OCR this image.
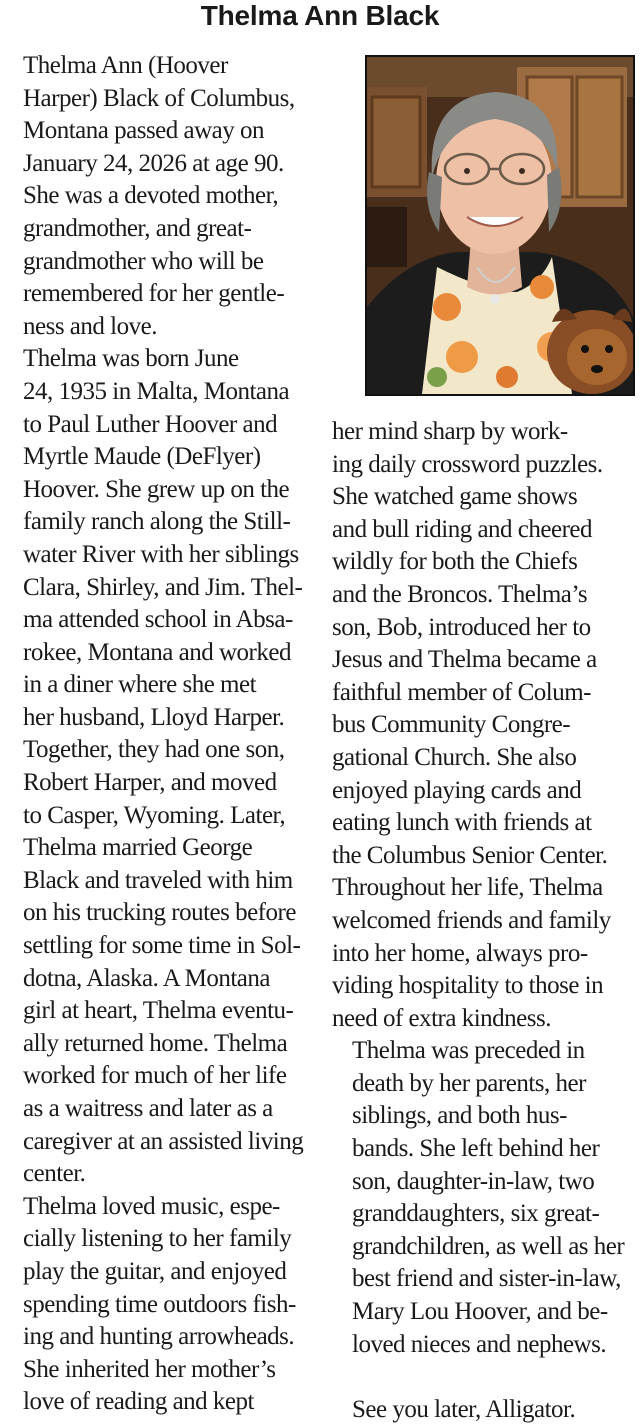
Thelma Ann Black

Thelma Ann (Hoover
Harper) Black of Columbus,
Montana passed away on
January 24, 2026 at age 90.
She was a devoted mother,
grandmother, and great-
grandmother who will be
remembered for her gentle-
ness and love.

Thelma was born June
24, 1935 in Malta, Montana
to Paul Luther Hoover and
Myrtle Maude (DeFlyer)
Hoover. She grew up on the
family ranch along the Still-
water River with her siblings
Clara, Shirley, and Jim. Thel-
ma attended school in Absa-
rokee, Montana and worked
in a diner where she met
her husband, Lloyd Harper.
Together, they had one son,
Robert Harper, and moved
to Casper, Wyoming. Later,
Thelma married George
Black and traveled with him
on his trucking routes before
settling for some time in Sol-
dotna, Alaska. A Montana
girl at heart, Thelma eventu-
ally returned home. Thelma
worked for much of her life
as a waitress and later as a
caregiver at an assisted living
center.

Thelma loved music, espe-
cially listening to her family
play the guitar, and enjoyed
spending time outdoors fish-
ing and hunting arrowheads.
She inherited her mother’s
love of reading and kept

her mind sharp by work-
ing daily crossword puzzles.
She watched game shows
and bull riding and cheered
wildly for both the Chiefs
and the Broncos. Thelma’s
son, Bob, introduced her to
Jesus and Thelma became a
faithful member of Colum-
bus Community Congre-
gational Church. She also
enjoyed playing cards and
eating lunch with friends at
the Columbus Senior Center.
Throughout her life, Thelma
welcomed friends and family
into her home, always pro-
viding hospitality to those in
need of extra kindness.

Thelma was preceded in
death by her parents, her
siblings, and both hus-
bands. She left behind her
son, daughter-in-law, two
granddaughters, six great-
grandchildren, as well as her
best friend and sister-in-law,
Mary Lou Hoover, and be-
loved nieces and nephews.

See you later, Alligator.
